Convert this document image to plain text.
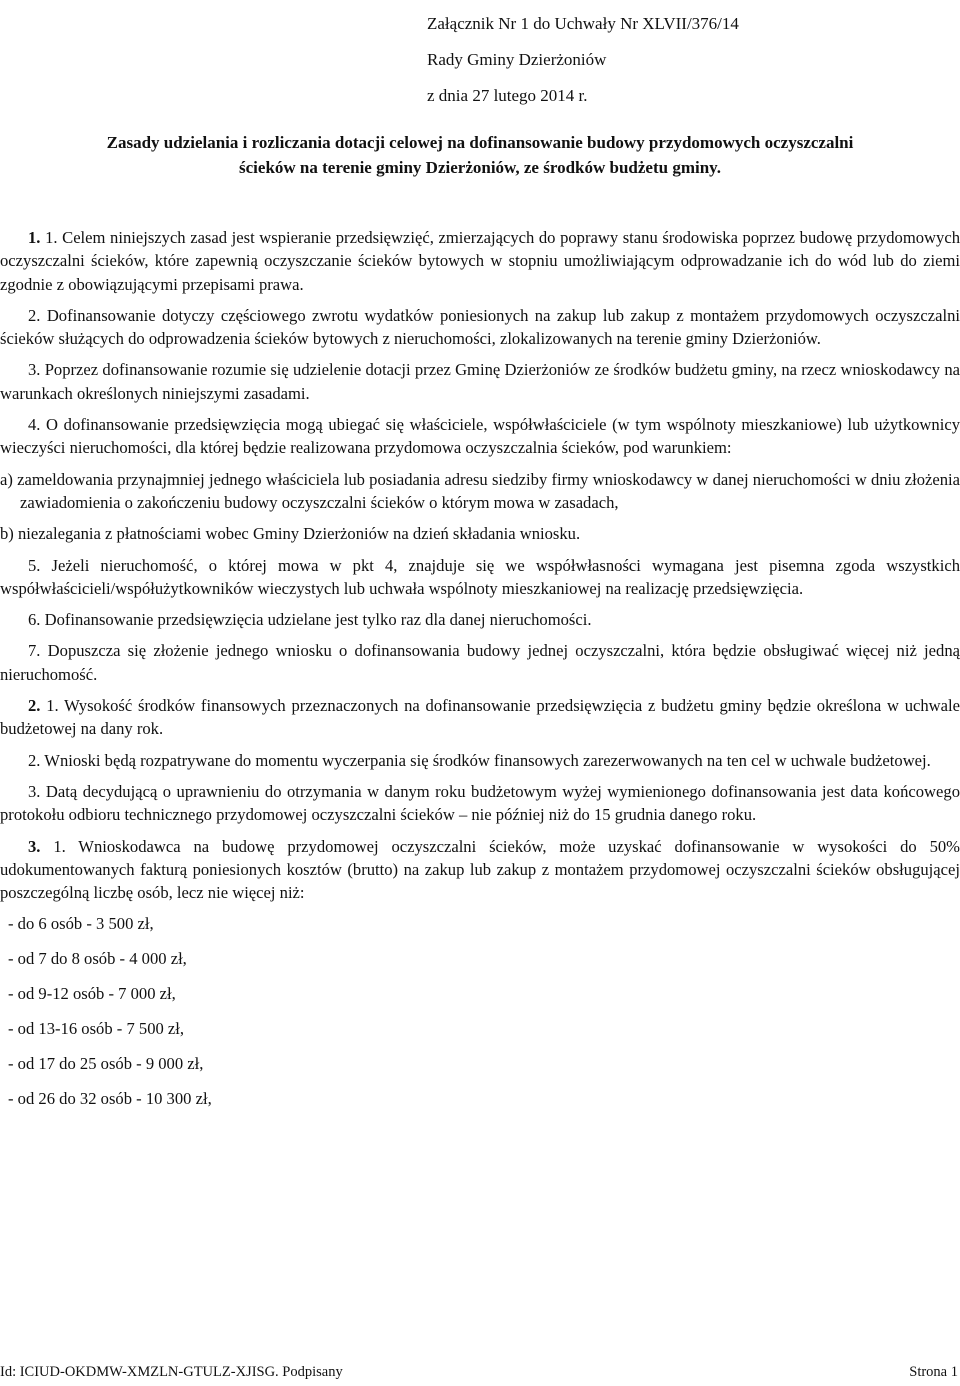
Załącznik Nr 1 do Uchwały Nr XLVII/376/14
Rady Gminy Dzierżoniów
z dnia 27 lutego 2014 r.
Zasady udzielania i rozliczania dotacji celowej na dofinansowanie budowy przydomowych oczyszczalni
ścieków na terenie gminy Dzierżoniów, ze środków budżetu gminy.

1. 1. Celem niniejszych zasad jest wspieranie przedsięwzięć, zmierzających do poprawy stanu środowiska poprzez budowę przydomowych oczyszczalni ścieków, które zapewnią oczyszczanie ścieków bytowych w stopniu umożliwiającym odprowadzanie ich do wód lub do ziemi zgodnie z obowiązującymi przepisami prawa.

2. Dofinansowanie dotyczy częściowego zwrotu wydatków poniesionych na zakup lub zakup z montażem przydomowych oczyszczalni ścieków służących do odprowadzenia ścieków bytowych z nieruchomości, zlokalizowanych na terenie gminy Dzierżoniów.

3. Poprzez dofinansowanie rozumie się udzielenie dotacji przez Gminę Dzierżoniów ze środków budżetu gminy, na rzecz wnioskodawcy na warunkach określonych niniejszymi zasadami.

4. O dofinansowanie przedsięwzięcia mogą ubiegać się właściciele, współwłaściciele (w tym wspólnoty mieszkaniowe) lub użytkownicy wieczyści nieruchomości, dla której będzie realizowana przydomowa oczyszczalnia ścieków, pod warunkiem:

a) zameldowania przynajmniej jednego właściciela lub posiadania adresu siedziby firmy wnioskodawcy w danej nieruchomości w dniu złożenia zawiadomienia o zakończeniu budowy oczyszczalni ścieków o którym mowa w zasadach,

b) niezalegania z płatnościami wobec Gminy Dzierżoniów na dzień składania wniosku.

5. Jeżeli nieruchomość, o której mowa w pkt 4, znajduje się we współwłasności wymagana jest pisemna zgoda wszystkich współwłaścicieli/współużytkowników wieczystych lub uchwała wspólnoty mieszkaniowej na realizację przedsięwzięcia.

6. Dofinansowanie przedsięwzięcia udzielane jest tylko raz dla danej nieruchomości.

7. Dopuszcza się złożenie jednego wniosku o dofinansowania budowy jednej oczyszczalni, która będzie obsługiwać więcej niż jedną nieruchomość.

2. 1. Wysokość środków finansowych przeznaczonych na dofinansowanie przedsięwzięcia z budżetu gminy będzie określona w uchwale budżetowej na dany rok.

2. Wnioski będą rozpatrywane do momentu wyczerpania się środków finansowych zarezerwowanych na ten cel w uchwale budżetowej.

3. Datą decydującą o uprawnieniu do otrzymania w danym roku budżetowym wyżej wymienionego dofinansowania jest data końcowego protokołu odbioru technicznego przydomowej oczyszczalni ścieków – nie później niż do 15 grudnia danego roku.

3. 1. Wnioskodawca na budowę przydomowej oczyszczalni ścieków, może uzyskać dofinansowanie w wysokości do 50% udokumentowanych fakturą poniesionych kosztów (brutto) na zakup lub zakup z montażem przydomowej oczyszczalni ścieków obsługującej poszczególną liczbę osób, lecz nie więcej niż:

- do 6 osób - 3 500 zł,
- od 7 do 8 osób - 4 000 zł,
- od 9-12 osób - 7 000 zł,
- od 13-16 osób - 7 500 zł,
- od 17 do 25 osób - 9 000 zł,
- od 26 do 32 osób - 10 300 zł,
Id: ICIUD-OKDMW-XMZLN-GTULZ-XJISG. Podpisany	Strona 1
